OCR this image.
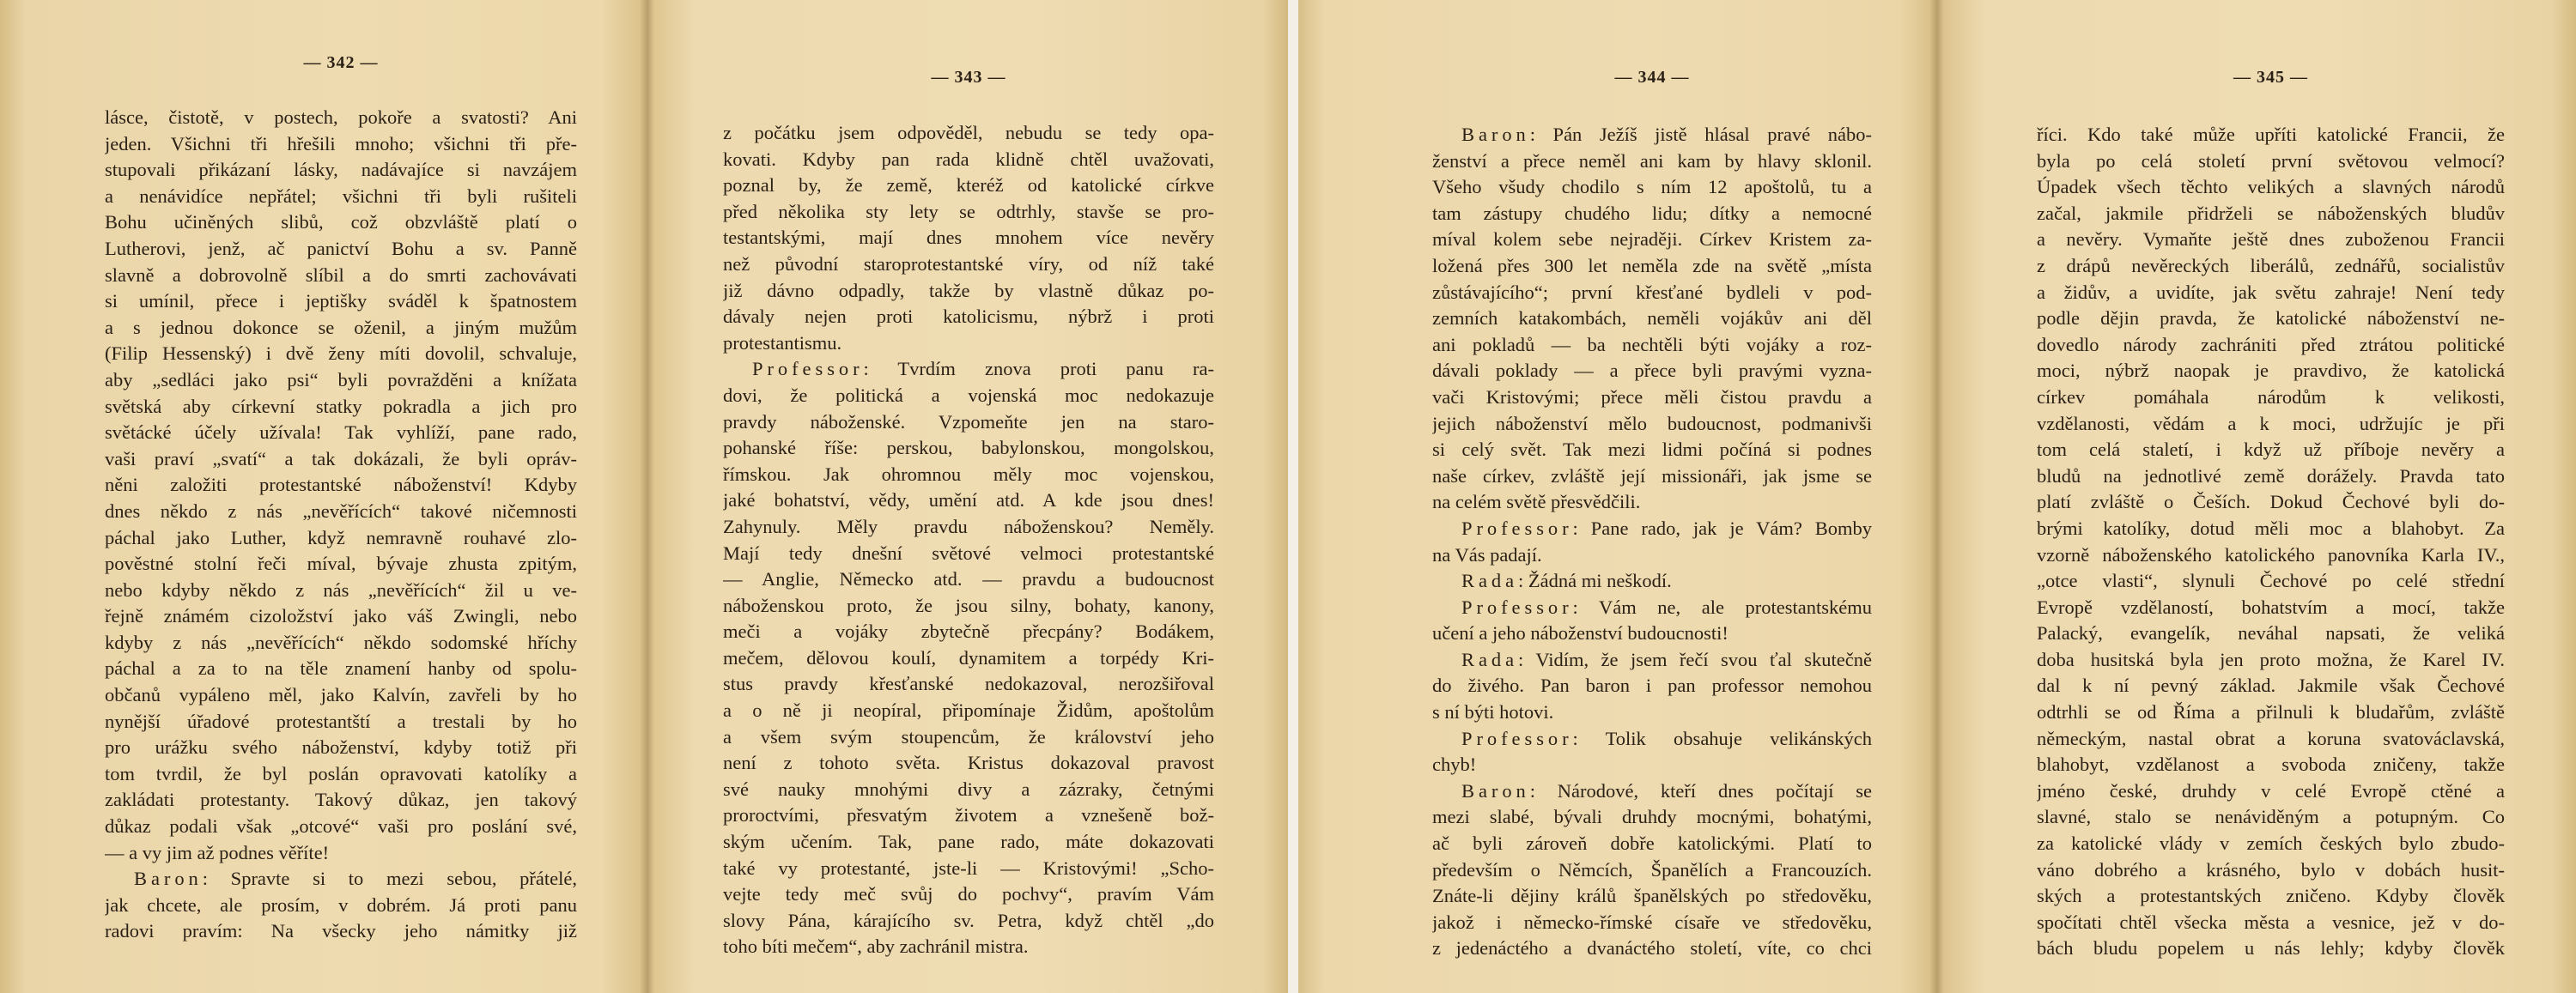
— 342 —
lásce, čistotě, v postech, pokoře a svatosti? Ani
jeden. Všichni tři hřešili mnoho; všichni tři pře-
stupovali přikázaní lásky, nadávajíce si navzájem
a nenávidíce nepřátel; všichni tři byli rušiteli
Bohu učiněných slibů, což obzvláště platí o
Lutherovi, jenž, ač panictví Bohu a sv. Panně
slavně a dobrovolně slíbil a do smrti zachovávati
si umínil, přece i jeptišky sváděl k špatnostem
a s jednou dokonce se oženil, a jiným mužům
(Filip Hessenský) i dvě ženy míti dovolil, schvaluje,
aby „sedláci jako psi“ byli povražděni a knížata
světská aby církevní statky pokradla a jich pro
světácké účely užívala! Tak vyhlíží, pane rado,
vaši praví „svatí“ a tak dokázali, že byli opráv-
něni založiti protestantské náboženství! Kdyby
dnes někdo z nás „nevěřících“ takové ničemnosti
páchal jako Luther, když nemravně rouhavé zlo-
pověstné stolní řeči míval, bývaje zhusta zpitým,
nebo kdyby někdo z nás „nevěřících“ žil u ve-
řejně známém cizoložství jako váš Zwingli, nebo
kdyby z nás „nevěřících“ někdo sodomské hříchy
páchal a za to na těle znamení hanby od spolu-
občanů vypáleno měl, jako Kalvín, zavřeli by ho
nynější úřadové protestantští a trestali by ho
pro urážku svého náboženství, kdyby totiž při
tom tvrdil, že byl poslán opravovati katolíky a
zakládati protestanty. Takový důkaz, jen takový
důkaz podali však „otcové“ vaši pro poslání své,
— a vy jim až podnes věříte!
Baron: Spravte si to mezi sebou, přátelé,
jak chcete, ale prosím, v dobrém. Já proti panu
radovi pravím: Na všecky jeho námitky již
— 343 —
z počátku jsem odpověděl, nebudu se tedy opa-
kovati. Kdyby pan rada klidně chtěl uvažovati,
poznal by, že země, kteréž od katolické církve
před několika sty lety se odtrhly, stavše se pro-
testantskými, mají dnes mnohem více nevěry
než původní staroprotestantské víry, od níž také
již dávno odpadly, takže by vlastně důkaz po-
dávaly nejen proti katolicismu, nýbrž i proti
protestantismu.
Professor: Tvrdím znova proti panu ra-
dovi, že politická a vojenská moc nedokazuje
pravdy náboženské. Vzpomeňte jen na staro-
pohanské říše: perskou, babylonskou, mongolskou,
římskou. Jak ohromnou měly moc vojenskou,
jaké bohatství, vědy, umění atd. A kde jsou dnes!
Zahynuly. Měly pravdu náboženskou? Neměly.
Mají tedy dnešní světové velmoci protestantské
— Anglie, Německo atd. — pravdu a budoucnost
náboženskou proto, že jsou silny, bohaty, kanony,
meči a vojáky zbytečně přecpány? Bodákem,
mečem, dělovou koulí, dynamitem a torpédy Kri-
stus pravdy křesťanské nedokazoval, nerozšiřoval
a o ně ji neopíral, připomínaje Židům, apoštolům
a všem svým stoupencům, že království jeho
není z tohoto světa. Kristus dokazoval pravost
své nauky mnohými divy a zázraky, četnými
proroctvími, přesvatým životem a vznešeně bož-
ským učením. Tak, pane rado, máte dokazovati
také vy protestanté, jste-li — Kristovými! „Scho-
vejte tedy meč svůj do pochvy“, pravím Vám
slovy Pána, kárajícího sv. Petra, když chtěl „do
toho bíti mečem“, aby zachránil mistra.
— 344 —
Baron: Pán Ježíš jistě hlásal pravé nábo-
ženství a přece neměl ani kam by hlavy sklonil.
Všeho všudy chodilo s ním 12 apoštolů, tu a
tam zástupy chudého lidu; dítky a nemocné
míval kolem sebe nejraději. Církev Kristem za-
ložená přes 300 let neměla zde na světě „místa
zůstávajícího“; první křesťané bydleli v pod-
zemních katakombách, neměli vojákův ani děl
ani pokladů — ba nechtěli býti vojáky a roz-
dávali poklady — a přece byli pravými vyzna-
vači Kristovými; přece měli čistou pravdu a
jejich náboženství mělo budoucnost, podmanivši
si celý svět. Tak mezi lidmi počíná si podnes
naše církev, zvláště její missionáři, jak jsme se
na celém světě přesvědčili.
Professor: Pane rado, jak je Vám? Bomby
na Vás padají.
Rada: Žádná mi neškodí.
Professor: Vám ne, ale protestantskému
učení a jeho náboženství budoucnosti!
Rada: Vidím, že jsem řečí svou ťal skutečně
do živého. Pan baron i pan professor nemohou
s ní býti hotovi.
Professor: Tolik obsahuje velikánských
chyb!
Baron: Národové, kteří dnes počítají se
mezi slabé, bývali druhdy mocnými, bohatými,
ač byli zároveň dobře katolickými. Platí to
především o Němcích, Španělích a Francouzích.
Znáte-li dějiny králů španělských po středověku,
jakož i německo-římské císaře ve středověku,
z jedenáctého a dvanáctého století, víte, co chci
— 345 —
říci. Kdo také může upříti katolické Francii, že
byla po celá století první světovou velmocí?
Úpadek všech těchto velikých a slavných národů
začal, jakmile přidrželi se náboženských bludův
a nevěry. Vymaňte ještě dnes zuboženou Francii
z drápů nevěreckých liberálů, zednářů, socialistův
a židův, a uvidíte, jak světu zahraje! Není tedy
podle dějin pravda, že katolické náboženství ne-
dovedlo národy zachrániti před ztrátou politické
moci, nýbrž naopak je pravdivo, že katolická
církev pomáhala národům k velikosti,
vzdělanosti, vědám a k moci, udržujíc je při
tom celá staletí, i když už příboje nevěry a
bludů na jednotlivé země dorážely. Pravda tato
platí zvláště o Češích. Dokud Čechové byli do-
brými katolíky, dotud měli moc a blahobyt. Za
vzorně náboženského katolického panovníka Karla IV.,
„otce vlasti“, slynuli Čechové po celé střední
Evropě vzdělaností, bohatstvím a mocí, takže
Palacký, evangelík, neváhal napsati, že veliká
doba husitská byla jen proto možna, že Karel IV.
dal k ní pevný základ. Jakmile však Čechové
odtrhli se od Říma a přilnuli k bludařům, zvláště
německým, nastal obrat a koruna svatováclavská,
blahobyt, vzdělanost a svoboda zničeny, takže
jméno české, druhdy v celé Evropě ctěné a
slavné, stalo se nenáviděným a potupným. Co
za katolické vlády v zemích českých bylo zbudo-
váno dobrého a krásného, bylo v dobách husit-
ských a protestantských zničeno. Kdyby člověk
spočítati chtěl všecka města a vesnice, jež v do-
bách bludu popelem u nás lehly; kdyby člověk
